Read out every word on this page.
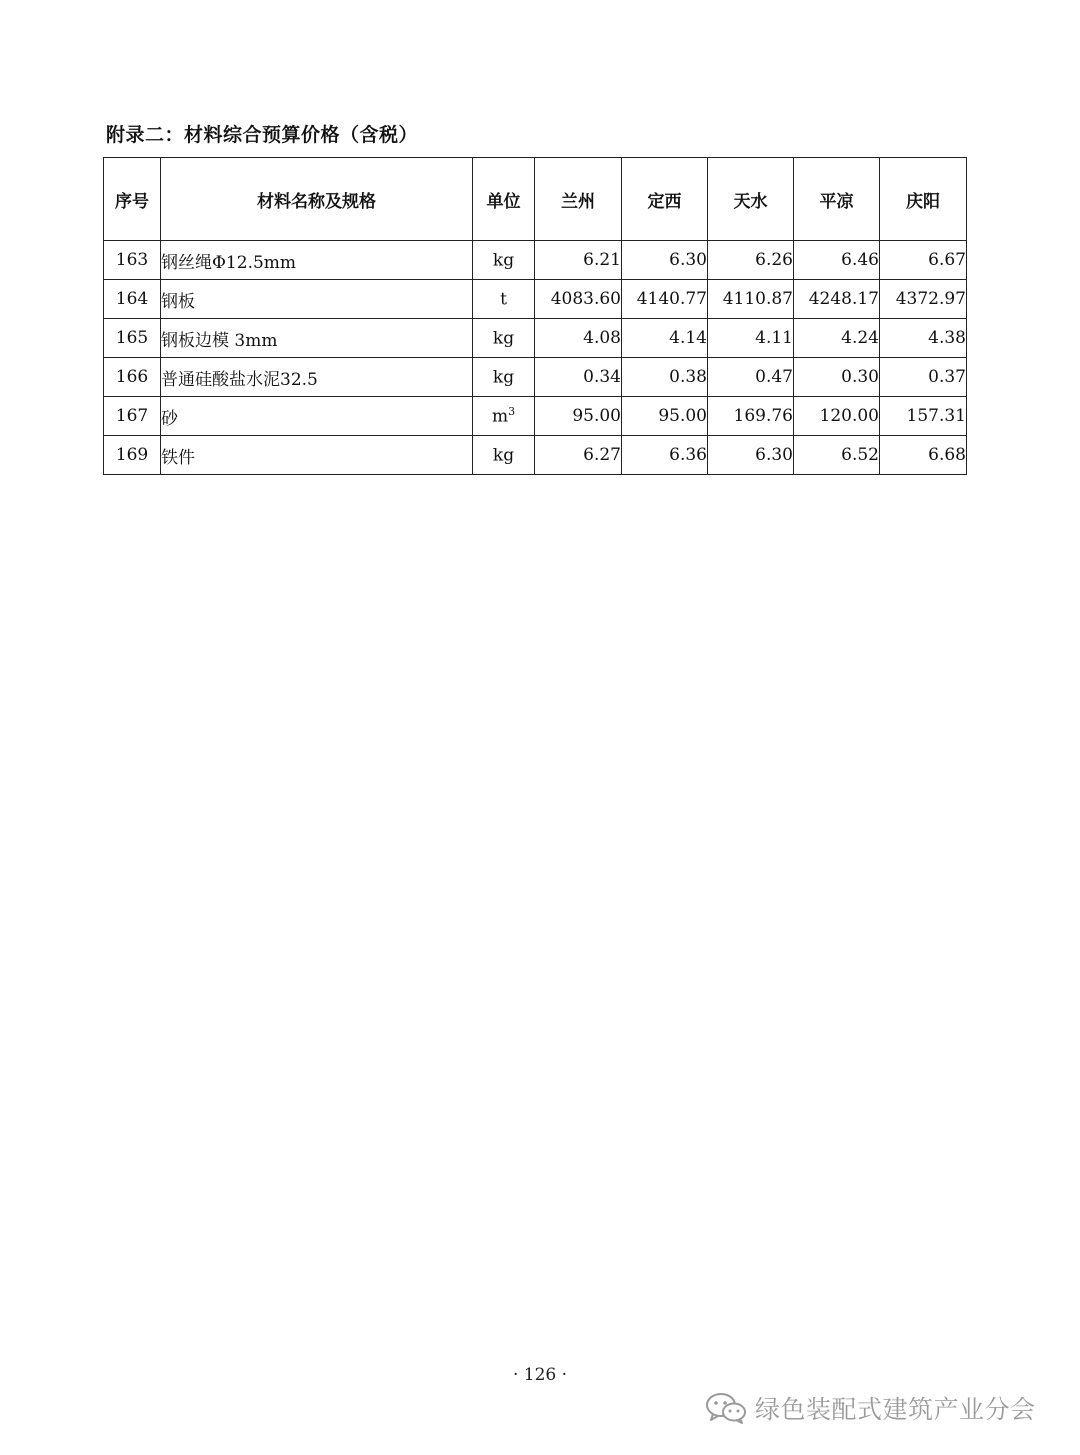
附录二：材料综合预算价格（含税）
序号	材料名称及规格	单位	兰州	定西	天水	平凉	庆阳
163	钢丝绳Φ12.5mm	kg	6.21	6.30	6.26	6.46	6.67
164	钢板	t	4083.60	4140.77	4110.87	4248.17	4372.97
165	钢板边模 3mm	kg	4.08	4.14	4.11	4.24	4.38
166	普通硅酸盐水泥32.5	kg	0.34	0.38	0.47	0.30	0.37
167	砂	$m^3$	95.00	95.00	169.76	120.00	157.31
169	铁件	kg	6.27	6.36	6.30	6.52	6.68
· 126 ·
绿色装配式建筑产业分会
